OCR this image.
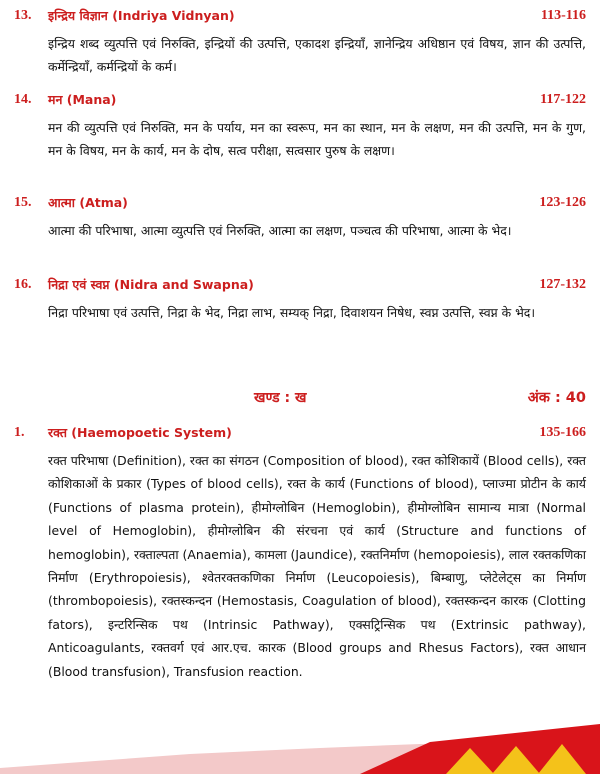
13. इन्द्रिय विज्ञान (Indriya Vidnyan)	113-116
इन्द्रिय शब्द व्युत्पत्ति एवं निरुक्ति, इन्द्रियों की उत्पत्ति, एकादश इन्द्रियाँ, ज्ञानेन्द्रिय अधिष्ठान एवं विषय, ज्ञान की उत्पत्ति, कर्मेन्द्रियाँ, कर्मन्द्रियों के कर्म।
14. मन (Mana)	117-122
मन की व्युत्पत्ति एवं निरुक्ति, मन के पर्याय, मन का स्वरूप, मन का स्थान, मन के लक्षण, मन की उत्पत्ति, मन के गुण, मन के विषय, मन के कार्य, मन के दोष, सत्व परीक्षा, सत्वसार पुरुष के लक्षण।
15. आत्मा (Atma)	123-126
आत्मा की परिभाषा, आत्मा व्युत्पत्ति एवं निरुक्ति, आत्मा का लक्षण, पञ्चत्व की परिभाषा, आत्मा के भेद।
16. निद्रा एवं स्वप्न (Nidra and Swapna)	127-132
निद्रा परिभाषा एवं उत्पत्ति, निद्रा के भेद, निद्रा लाभ, सम्यक् निद्रा, दिवाशयन निषेध, स्वप्न उत्पत्ति, स्वप्न के भेद।
खण्ड : ख	अंक : 40
1. रक्त (Haemopoetic System)	135-166
रक्त परिभाषा (Definition), रक्त का संगठन (Composition of blood), रक्त कोशिकायें (Blood cells), रक्त कोशिकाओं के प्रकार (Types of blood cells), रक्त के कार्य (Functions of blood), प्लाज्मा प्रोटीन के कार्य (Functions of plasma protein), हीमोग्लोबिन (Hemoglobin), हीमोग्लोबिन सामान्य मात्रा (Normal level of Hemoglobin), हीमोग्लोबिन की संरचना एवं कार्य (Structure and functions of hemoglobin), रक्ताल्पता (Anaemia), कामला (Jaundice), रक्तनिर्माण (hemopoiesis), लाल रक्तकणिका निर्माण (Erythropoiesis), श्वेतरक्तकणिका निर्माण (Leucopoiesis), बिम्बाणु, प्लेटेलेट्स का निर्माण (thrombopoiesis), रक्तस्कन्दन (Hemostasis, Coagulation of blood), रक्तस्कन्दन कारक (Clotting fators), इन्टरिन्सिक पथ (Intrinsic Pathway), एक्सट्रिन्सिक पथ (Extrinsic pathway), Anticoagulants, रक्तवर्ग एवं आर.एच. कारक (Blood groups and Rhesus Factors), रक्त आधान (Blood transfusion), Transfusion reaction.
